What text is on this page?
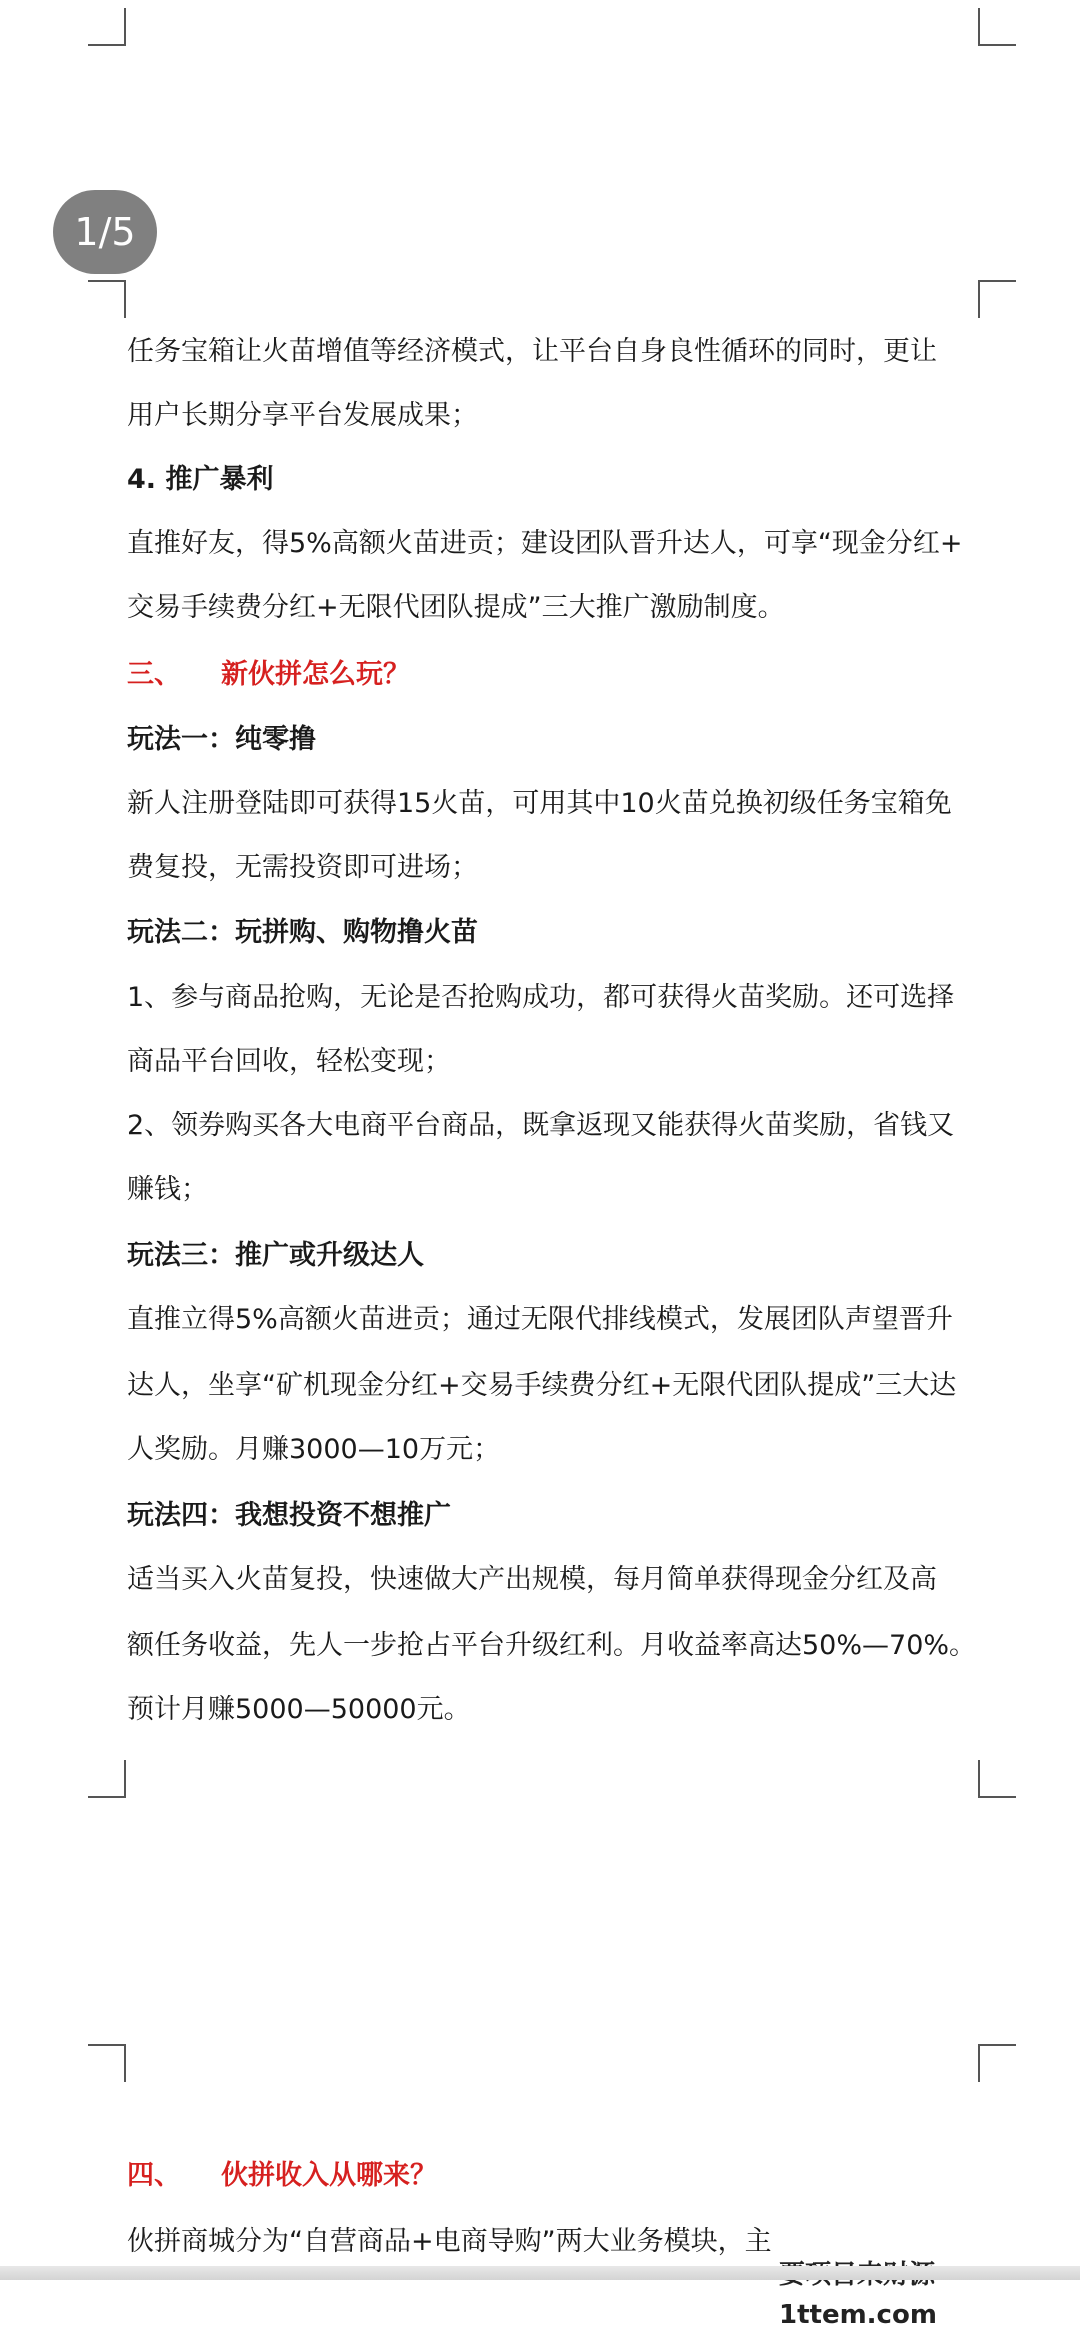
1/5
任务宝箱让火苗增值等经济模式，让平台自身良性循环的同时，更让
用户长期分享平台发展成果；
4. 推广暴利
直推好友，得5%高额火苗进贡；建设团队晋升达人，可享“现金分红+
交易手续费分红+无限代团队提成”三大推广激励制度。
三、 新伙拼怎么玩？
玩法一：纯零撸
新人注册登陆即可获得15火苗，可用其中10火苗兑换初级任务宝箱免
费复投，无需投资即可进场；
玩法二：玩拼购、购物撸火苗
1、参与商品抢购，无论是否抢购成功，都可获得火苗奖励。还可选择
商品平台回收，轻松变现；
2、领券购买各大电商平台商品，既拿返现又能获得火苗奖励，省钱又
赚钱；
玩法三：推广或升级达人
直推立得5%高额火苗进贡；通过无限代排线模式，发展团队声望晋升
达人，坐享“矿机现金分红+交易手续费分红+无限代团队提成”三大达
人奖励。月赚3000—10万元；
玩法四：我想投资不想推广
适当买入火苗复投，快速做大产出规模，每月简单获得现金分红及高
额任务收益，先人一步抢占平台升级红利。月收益率高达50%—70%。
预计月赚5000—50000元。
四、 伙拼收入从哪来？
伙拼商城分为“自营商品+电商导购”两大业务模块，主
1ttem.com
